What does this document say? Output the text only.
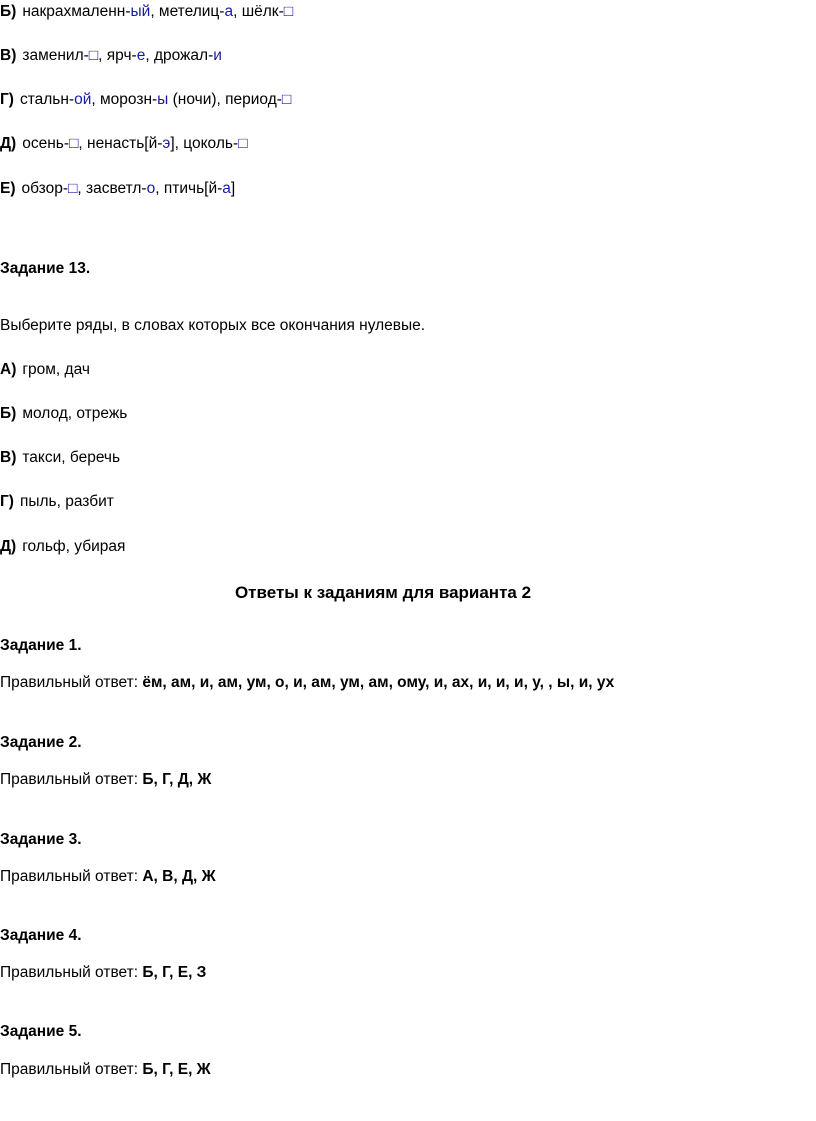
Б) накрахмаленн-ый, метелиц-а, шёлк-□
В) заменил-□, ярч-е, дрожал-и
Г) стальн-ой, морозн-ы (ночи), период-□
Д) осень-□, ненасть[й-э], цоколь-□
Е) обзор-□, засветл-о, птичь[й-а]
Задание 13.
Выберите ряды, в словах которых все окончания нулевые.
А) гром, дач
Б) молод, отрежь
В) такси, беречь
Г) пыль, разбит
Д) гольф, убирая
Ответы к заданиям для варианта 2
Задание 1.
Правильный ответ: ём, ам, и, ам, ум, о, и, ам, ум, ам, ому, и, ах, и, и, и, у, , ы, и, ух
Задание 2.
Правильный ответ: Б, Г, Д, Ж
Задание 3.
Правильный ответ: А, В, Д, Ж
Задание 4.
Правильный ответ: Б, Г, Е, З
Задание 5.
Правильный ответ: Б, Г, Е, Ж
